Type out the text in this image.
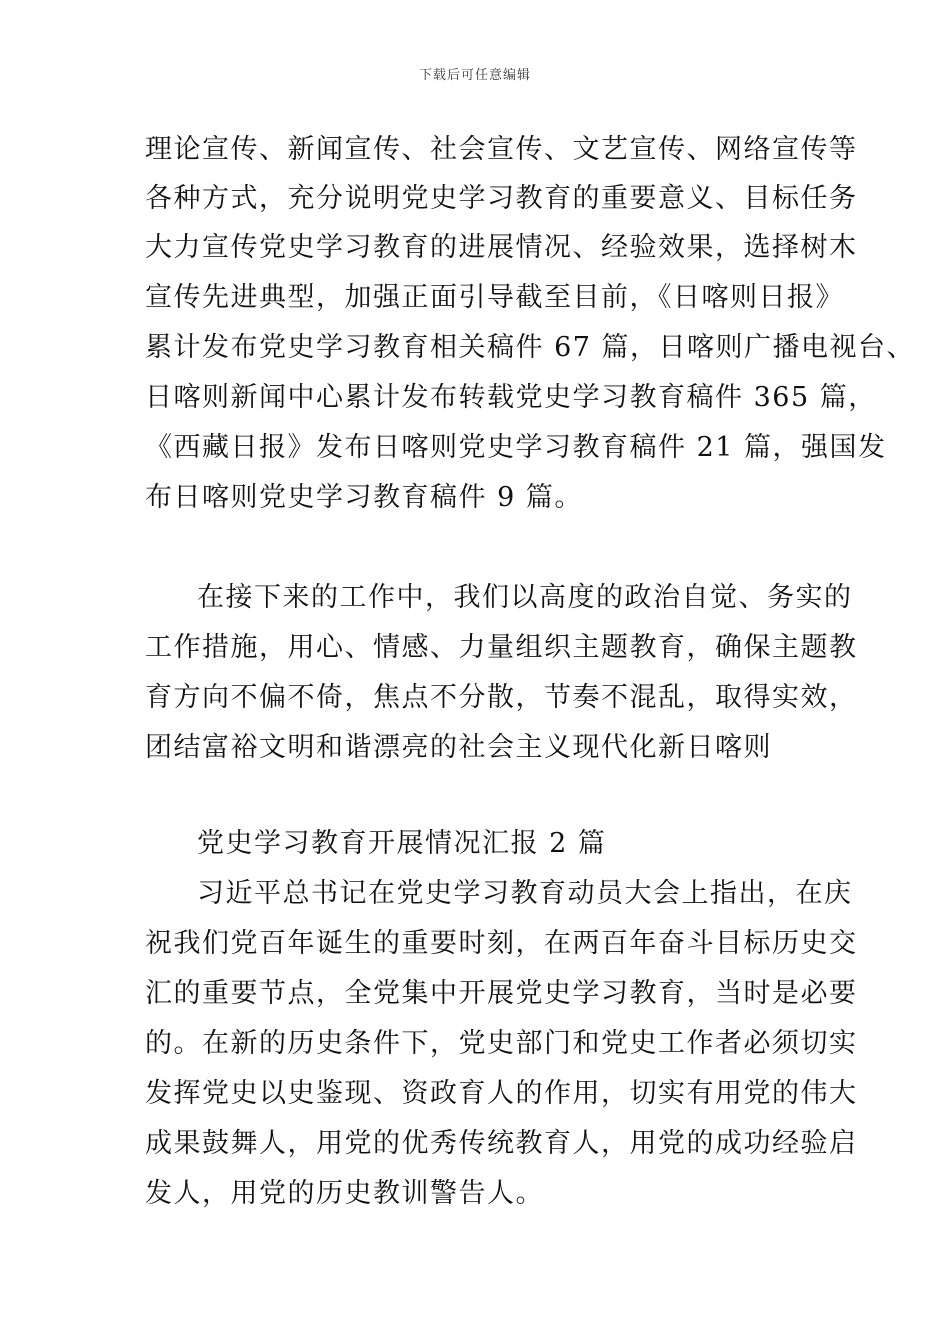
下载后可任意编辑
理论宣传、新闻宣传、社会宣传、文艺宣传、网络宣传等
各种方式，充分说明党史学习教育的重要意义、目标任务
大力宣传党史学习教育的进展情况、经验效果，选择树木
宣传先进典型，加强正面引导截至目前，《日喀则日报》
累计发布党史学习教育相关稿件 67 篇，日喀则广播电视台、
日喀则新闻中心累计发布转载党史学习教育稿件 365 篇，
《西藏日报》发布日喀则党史学习教育稿件 21 篇，强国发
布日喀则党史学习教育稿件 9 篇。
在接下来的工作中，我们以高度的政治自觉、务实的
工作措施，用心、情感、力量组织主题教育，确保主题教
育方向不偏不倚，焦点不分散，节奏不混乱，取得实效，
团结富裕文明和谐漂亮的社会主义现代化新日喀则
党史学习教育开展情况汇报 2 篇
习近平总书记在党史学习教育动员大会上指出，在庆
祝我们党百年诞生的重要时刻，在两百年奋斗目标历史交
汇的重要节点，全党集中开展党史学习教育，当时是必要
的。在新的历史条件下，党史部门和党史工作者必须切实
发挥党史以史鉴现、资政育人的作用，切实有用党的伟大
成果鼓舞人，用党的优秀传统教育人，用党的成功经验启
发人，用党的历史教训警告人。
